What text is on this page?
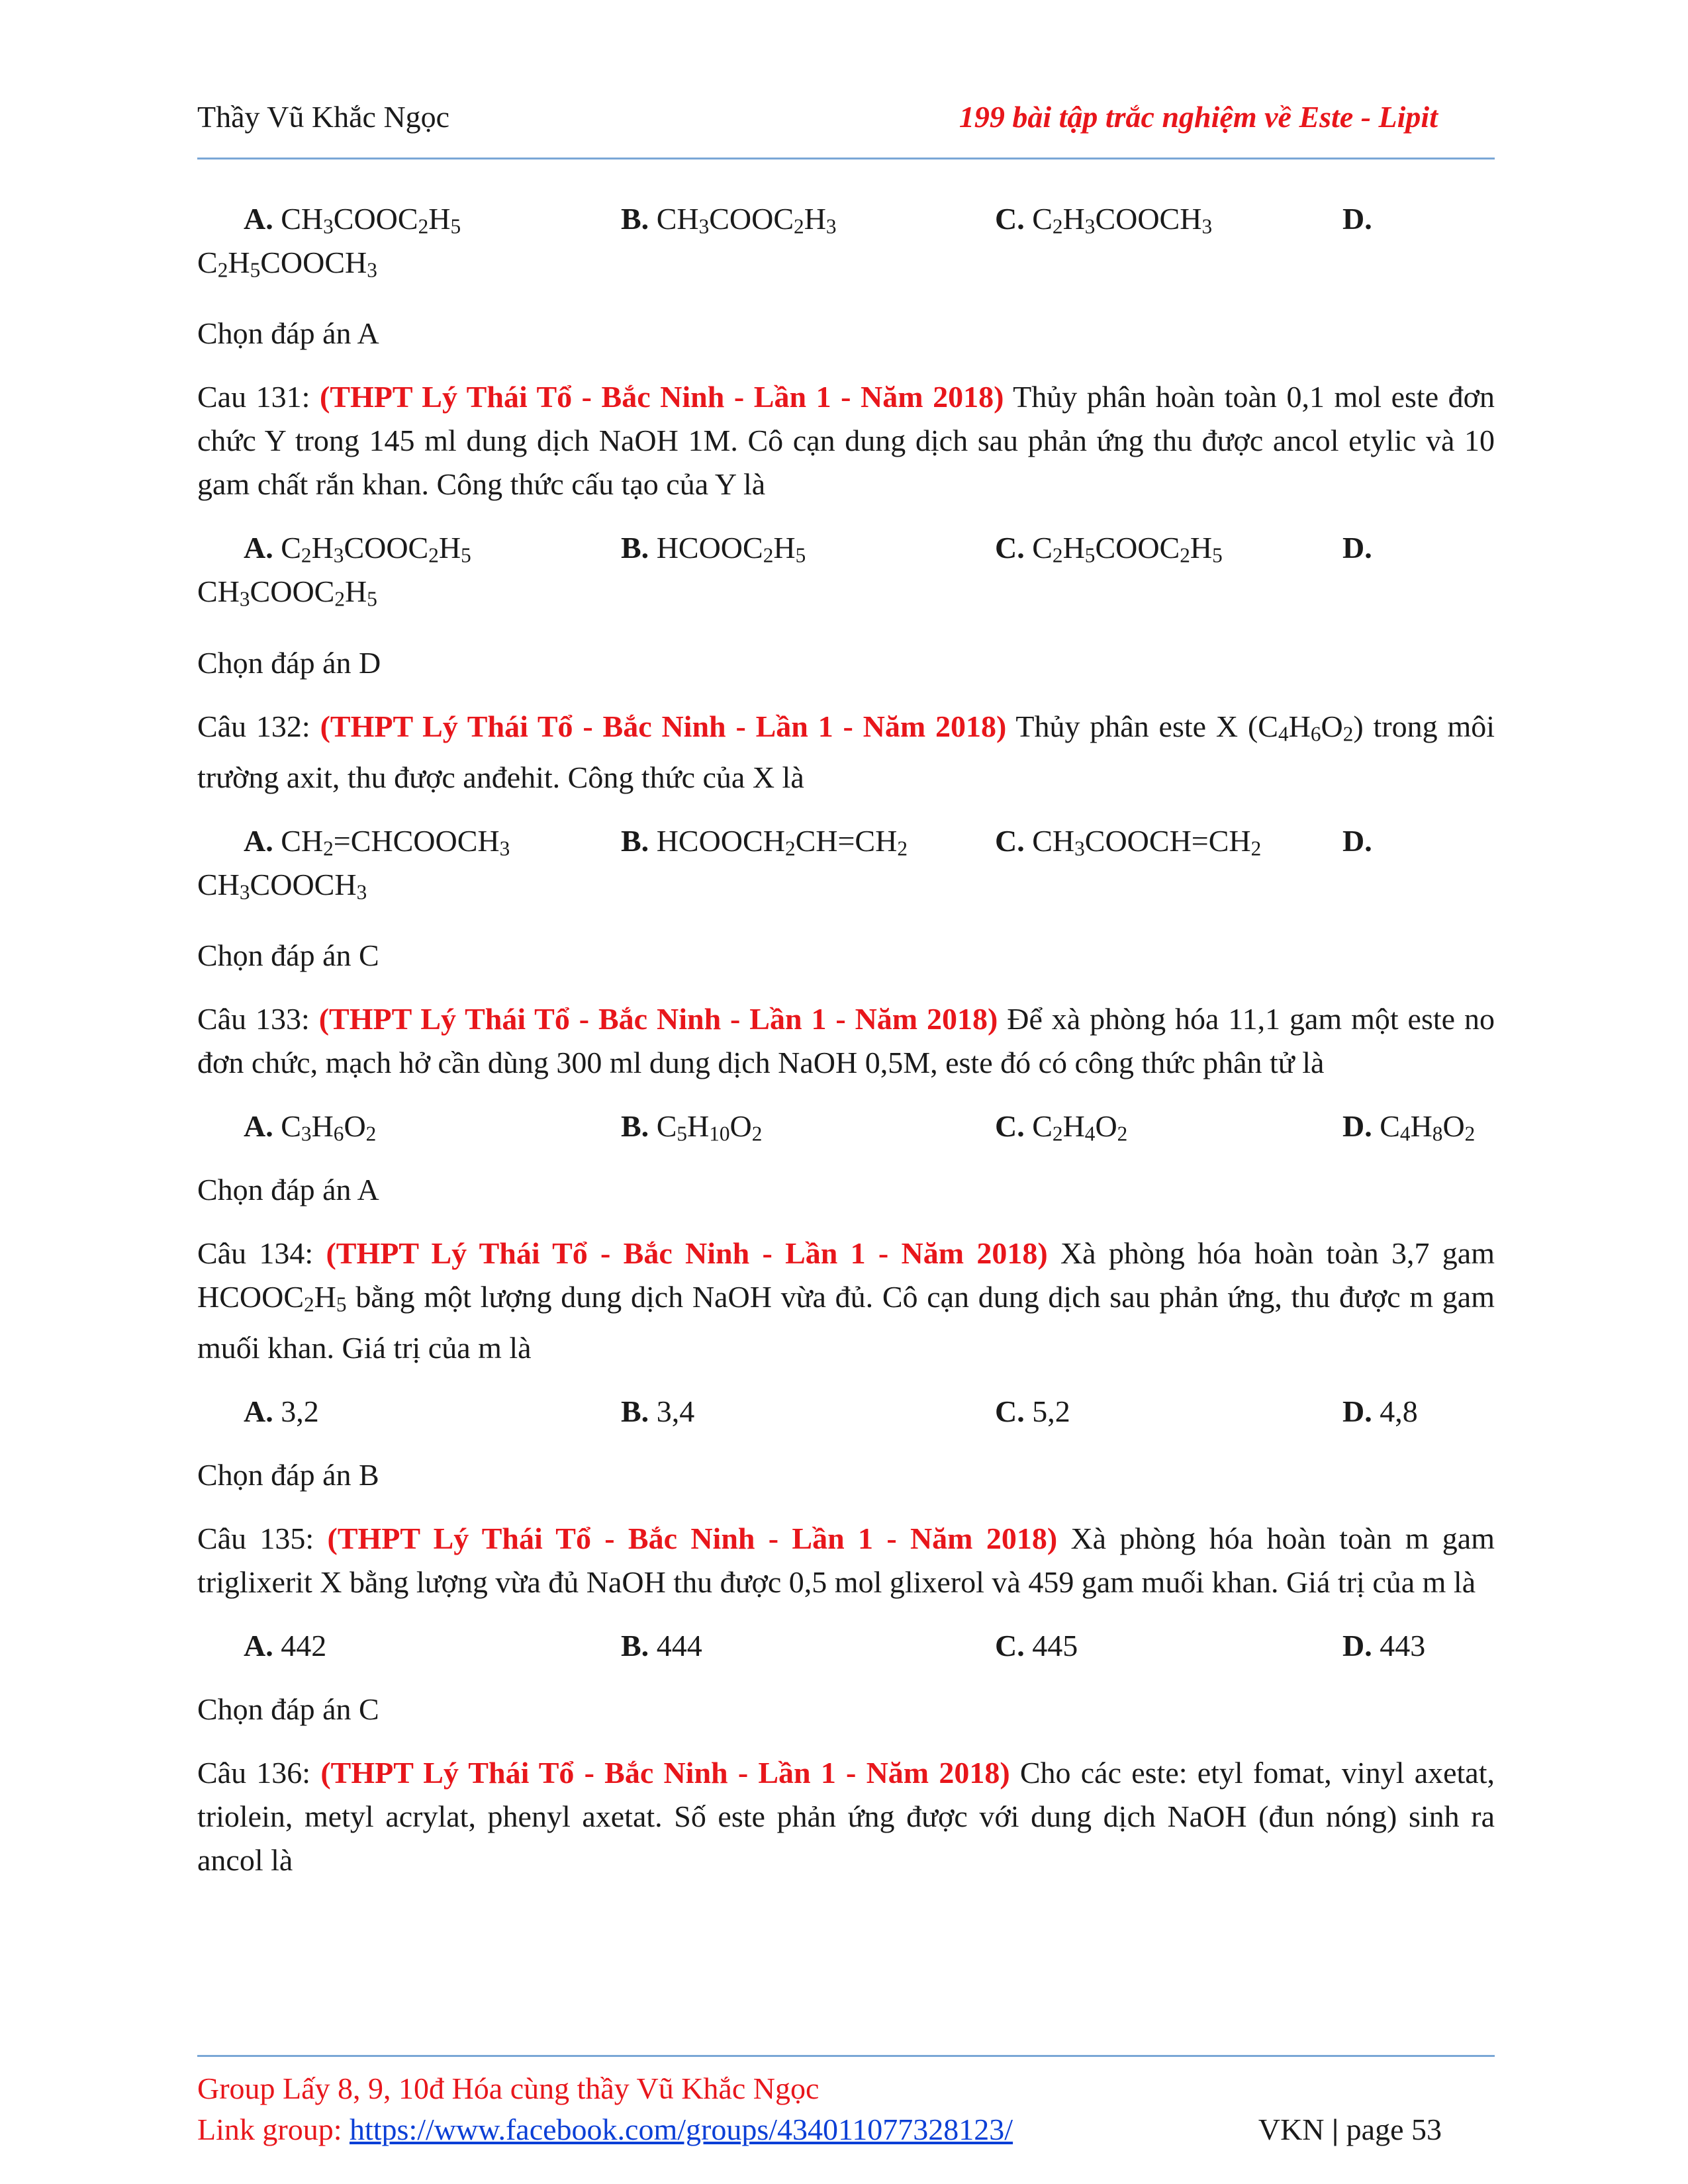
Thầy Vũ Khắc Ngọc	199 bài tập trắc nghiệm về Este - Lipit
A. $CH_3COOC_2H_5$	B. $CH_3COOC_2H_3$	C. $C_2H_3COOCH_3$	D.
$C_2H_5COOCH_3$
Chọn đáp án A

Cau 131: (THPT Lý Thái Tổ - Bắc Ninh - Lần 1 - Năm 2018) Thủy phân hoàn toàn 0,1 mol este đơn chức Y trong 145 ml dung dịch NaOH 1M. Cô cạn dung dịch sau phản ứng thu được ancol etylic và 10 gam chất rắn khan. Công thức cấu tạo của Y là

A. $C_2H_3COOC_2H_5$	B. $HCOOC_2H_5$	C. $C_2H_5COOC_2H_5$	D.
$CH_3COOC_2H_5$
Chọn đáp án D

Câu 132: (THPT Lý Thái Tổ - Bắc Ninh - Lần 1 - Năm 2018) Thủy phân este X $(C_4H_6O_2)$ trong môi trường axit, thu được anđehit. Công thức của X là

A. $CH_2=CHCOOCH_3$	B. $HCOOCH_2CH=CH_2$	C. $CH_3COOCH=CH_2$	D.
$CH_3COOCH_3$
Chọn đáp án C

Câu 133: (THPT Lý Thái Tổ - Bắc Ninh - Lần 1 - Năm 2018) Để xà phòng hóa 11,1 gam một este no đơn chức, mạch hở cần dùng 300 ml dung dịch NaOH 0,5M, este đó có công thức phân tử là

A. $C_3H_6O_2$	B. $C_5H_{10}O_2$	C. $C_2H_4O_2$	D. $C_4H_8O_2$
Chọn đáp án A

Câu 134: (THPT Lý Thái Tổ - Bắc Ninh - Lần 1 - Năm 2018) Xà phòng hóa hoàn toàn 3,7 gam $HCOOC_2H_5$ bằng một lượng dung dịch NaOH vừa đủ. Cô cạn dung dịch sau phản ứng, thu được m gam muối khan. Giá trị của m là

A. 3,2	B. 3,4	C. 5,2	D. 4,8
Chọn đáp án B

Câu 135: (THPT Lý Thái Tổ - Bắc Ninh - Lần 1 - Năm 2018) Xà phòng hóa hoàn toàn m gam triglixerit X bằng lượng vừa đủ NaOH thu được 0,5 mol glixerol và 459 gam muối khan. Giá trị của m là

A. 442	B. 444	C. 445	D. 443
Chọn đáp án C

Câu 136: (THPT Lý Thái Tổ - Bắc Ninh - Lần 1 - Năm 2018) Cho các este: etyl fomat, vinyl axetat, triolein, metyl acrylat, phenyl axetat. Số este phản ứng được với dung dịch NaOH (đun nóng) sinh ra ancol là

Group Lấy 8, 9, 10đ Hóa cùng thầy Vũ Khắc Ngọc
Link group: https://www.facebook.com/groups/434011077328123/	VKN | page 53
